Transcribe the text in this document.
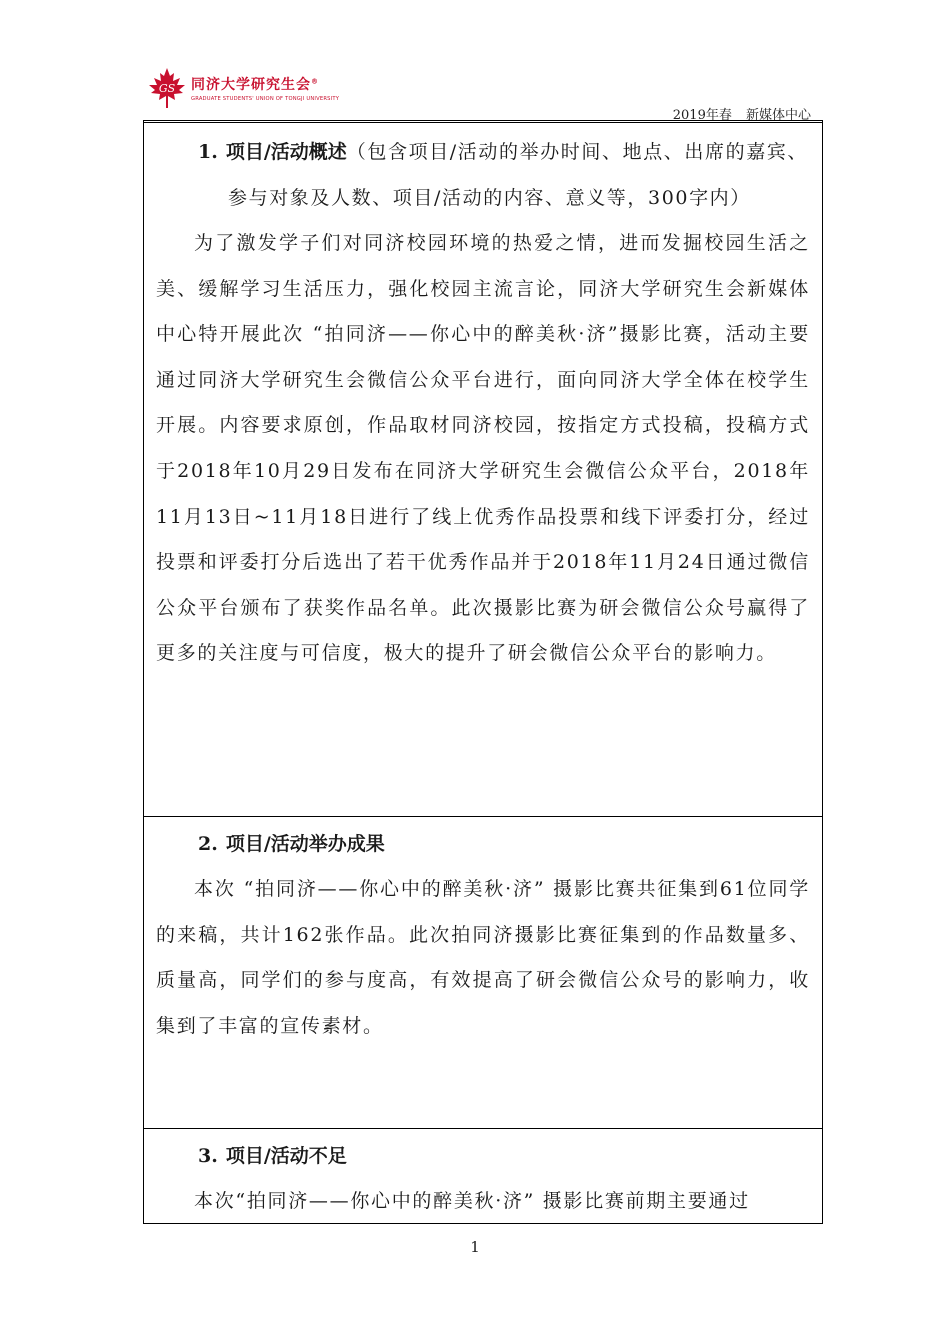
GS 同济大学研究生会®
GRADUATE STUDENTS' UNION OF TONGJI UNIVERSITY
2019年春 新媒体中心
1. 项目/活动概述（包含项目/活动的举办时间、地点、出席的嘉宾、参与对象及人数、项目/活动的内容、意义等，300字内）

为了激发学子们对同济校园环境的热爱之情，进而发掘校园生活之美、缓解学习生活压力，强化校园主流言论，同济大学研究生会新媒体中心特开展此次 “拍同济——你心中的醉美秋·济”摄影比赛，活动主要通过同济大学研究生会微信公众平台进行，面向同济大学全体在校学生开展。内容要求原创，作品取材同济校园，按指定方式投稿，投稿方式于2018年10月29日发布在同济大学研究生会微信公众平台，2018年11月13日~11月18日进行了线上优秀作品投票和线下评委打分，经过投票和评委打分后选出了若干优秀作品并于2018年11月24日通过微信公众平台颁布了获奖作品名单。此次摄影比赛为研会微信公众号赢得了更多的关注度与可信度，极大的提升了研会微信公众平台的影响力。

2. 项目/活动举办成果

本次 “拍同济——你心中的醉美秋·济” 摄影比赛共征集到61位同学的来稿，共计162张作品。此次拍同济摄影比赛征集到的作品数量多、质量高，同学们的参与度高，有效提高了研会微信公众号的影响力，收集到了丰富的宣传素材。

3. 项目/活动不足

本次“拍同济——你心中的醉美秋·济” 摄影比赛前期主要通过

1
